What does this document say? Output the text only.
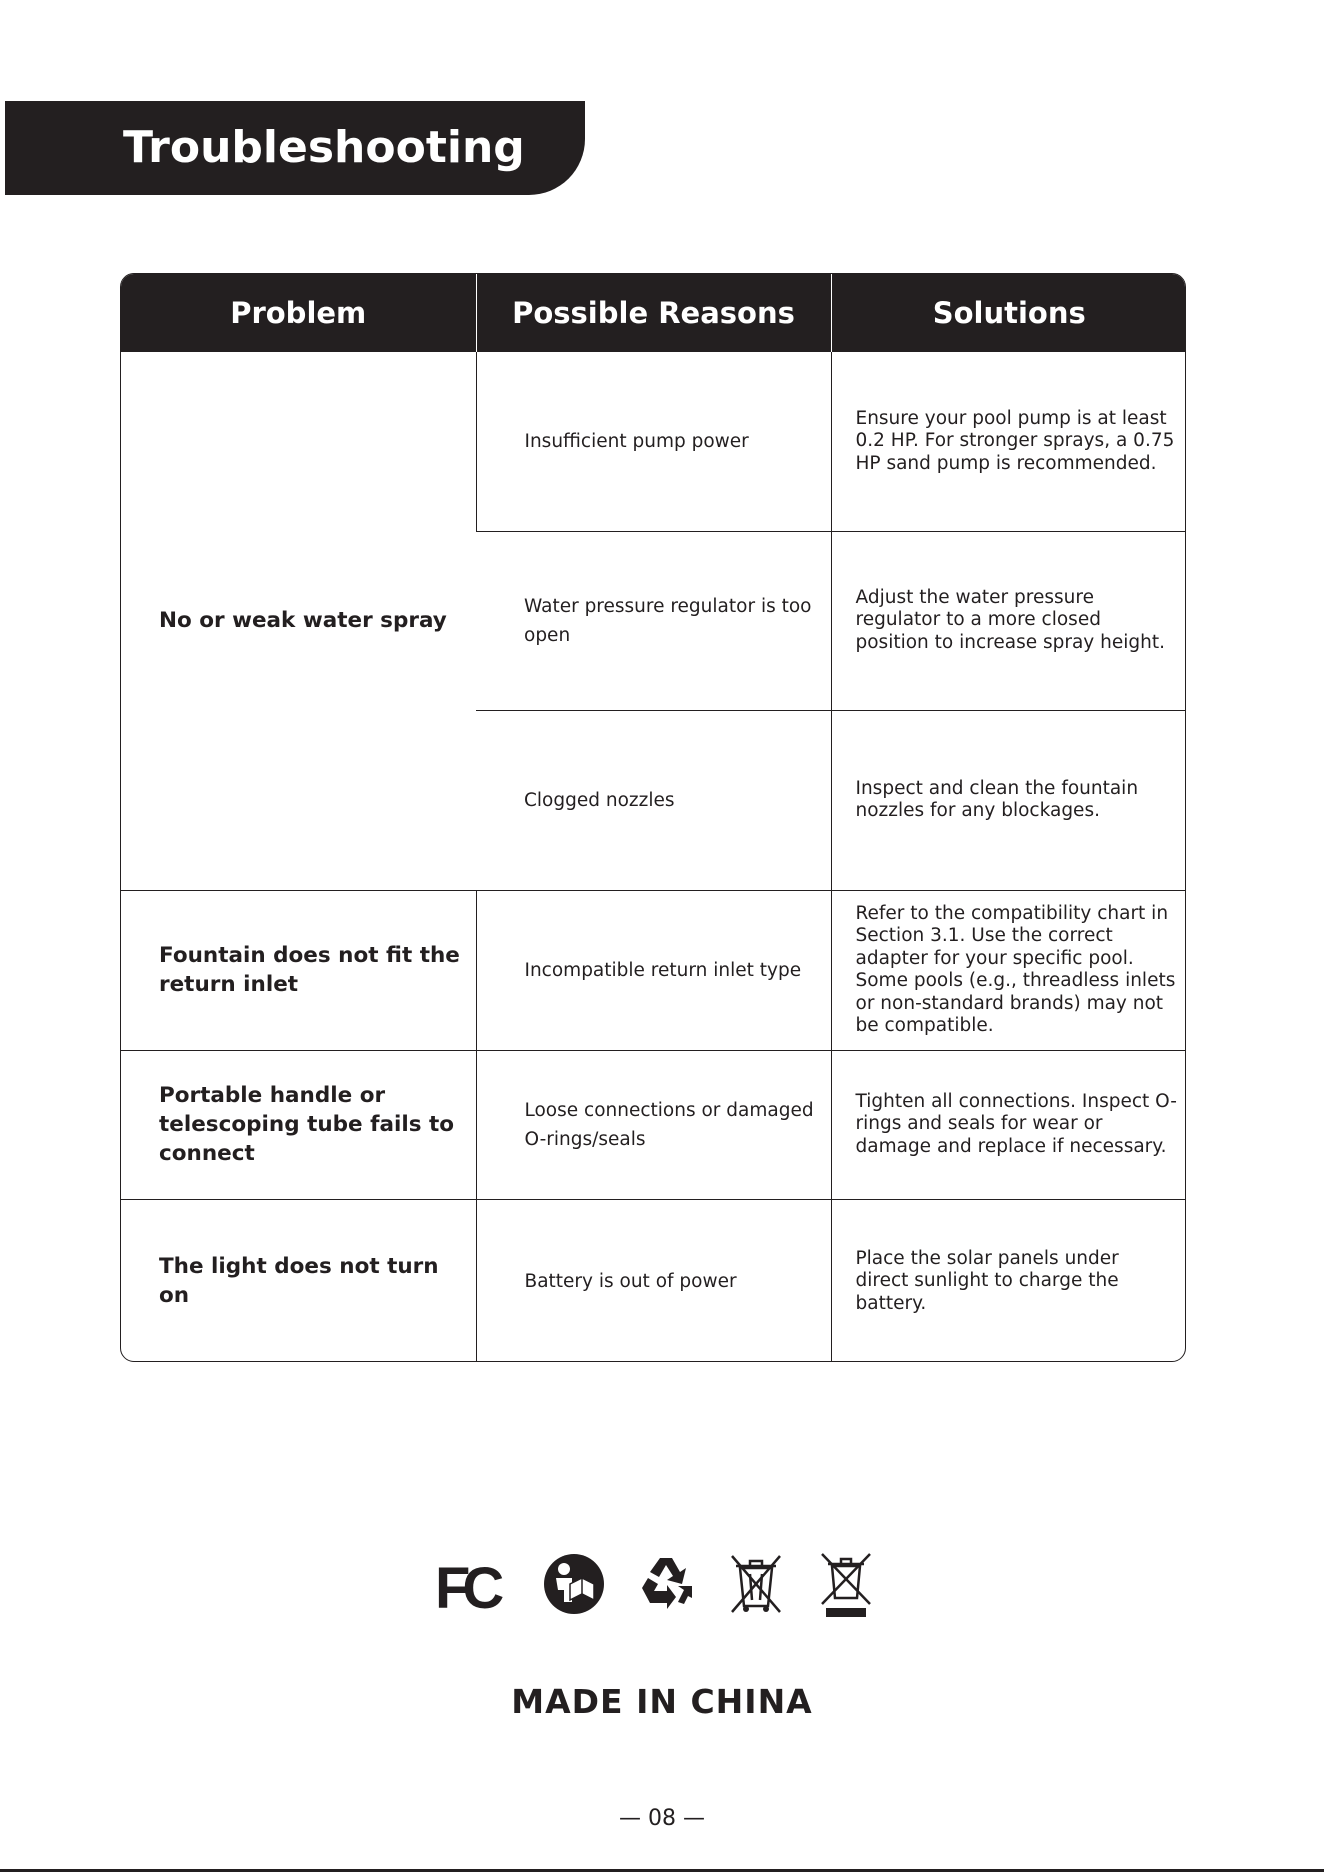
Troubleshooting
Problem	Possible Reasons	Solutions
No or weak water spray	Insufficient pump power	Ensure your pool pump is at least 0.2 HP. For stronger sprays, a 0.75 HP sand pump is recommended.
	Water pressure regulator is too open	Adjust the water pressure regulator to a more closed position to increase spray height.
	Clogged nozzles	Inspect and clean the fountain nozzles for any blockages.
Fountain does not fit the return inlet	Incompatible return inlet type	Refer to the compatibility chart in Section 3.1. Use the correct adapter for your specific pool. Some pools (e.g., threadless inlets or non-standard brands) may not be compatible.
Portable handle or telescoping tube fails to connect	Loose connections or damaged O-rings/seals	Tighten all connections. Inspect O-rings and seals for wear or damage and replace if necessary.
The light does not turn on	Battery is out of power	Place the solar panels under direct sunlight to charge the battery.
FC
MADE IN CHINA
— 08 —
